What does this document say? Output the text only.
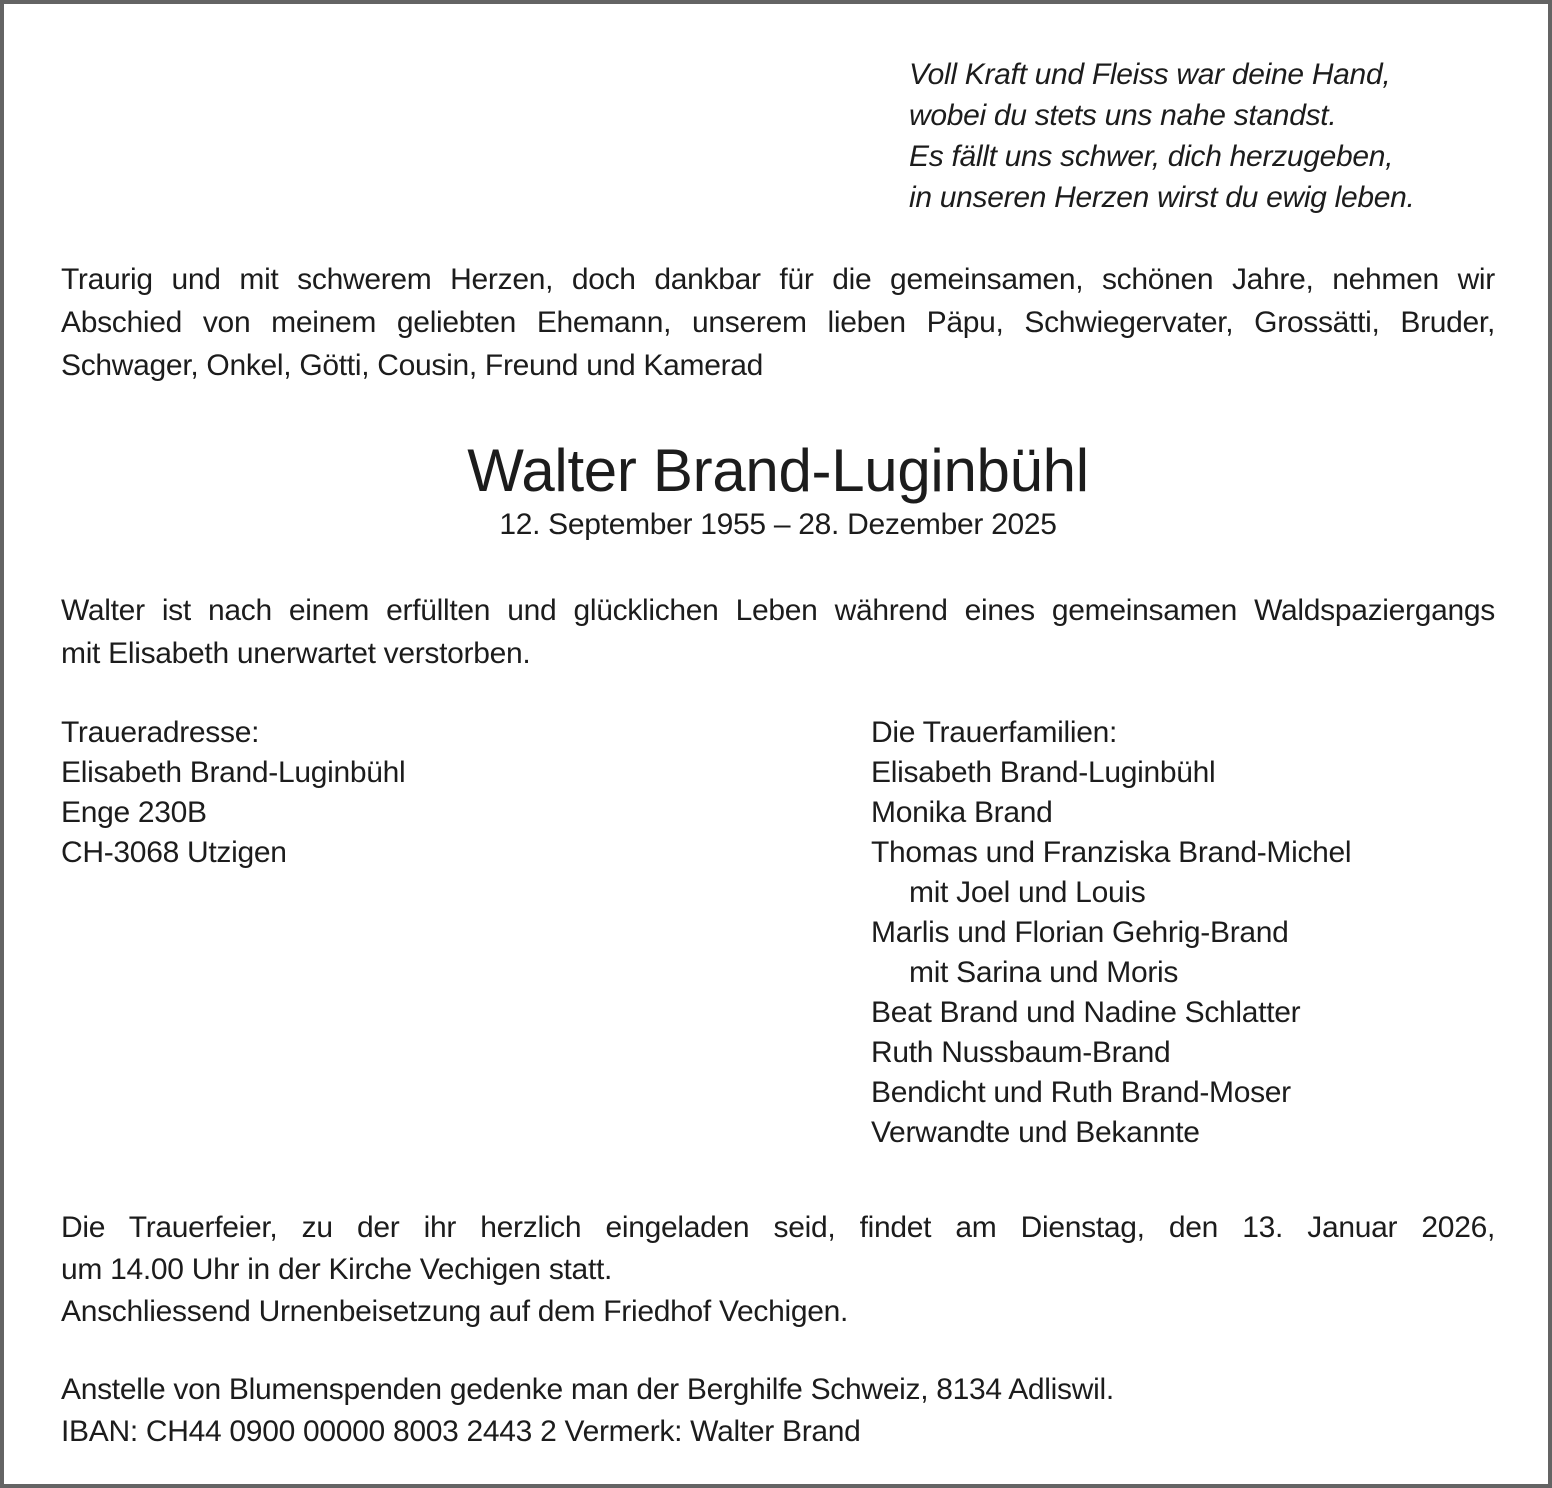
Voll Kraft und Fleiss war deine Hand,
wobei du stets uns nahe standst.
Es fällt uns schwer, dich herzugeben,
in unseren Herzen wirst du ewig leben.

Traurig und mit schwerem Herzen, doch dankbar für die gemeinsamen, schönen Jahre, nehmen wir
Abschied von meinem geliebten Ehemann, unserem lieben Päpu, Schwiegervater, Grossätti, Bruder,
Schwager, Onkel, Götti, Cousin, Freund und Kamerad

Walter Brand-Luginbühl
12. September 1955 – 28. Dezember 2025

Walter ist nach einem erfüllten und glücklichen Leben während eines gemeinsamen Waldspaziergangs
mit Elisabeth unerwartet verstorben.

Traueradresse:
Elisabeth Brand-Luginbühl
Enge 230B
CH-3068 Utzigen
Die Trauerfamilien:
Elisabeth Brand-Luginbühl
Monika Brand
Thomas und Franziska Brand-Michel
mit Joel und Louis
Marlis und Florian Gehrig-Brand
mit Sarina und Moris
Beat Brand und Nadine Schlatter
Ruth Nussbaum-Brand
Bendicht und Ruth Brand-Moser
Verwandte und Bekannte

Die Trauerfeier, zu der ihr herzlich eingeladen seid, findet am Dienstag, den 13. Januar 2026,
um 14.00 Uhr in der Kirche Vechigen statt.
Anschliessend Urnenbeisetzung auf dem Friedhof Vechigen.

Anstelle von Blumenspenden gedenke man der Berghilfe Schweiz, 8134 Adliswil.
IBAN: CH44 0900 00000 8003 2443 2 Vermerk: Walter Brand
